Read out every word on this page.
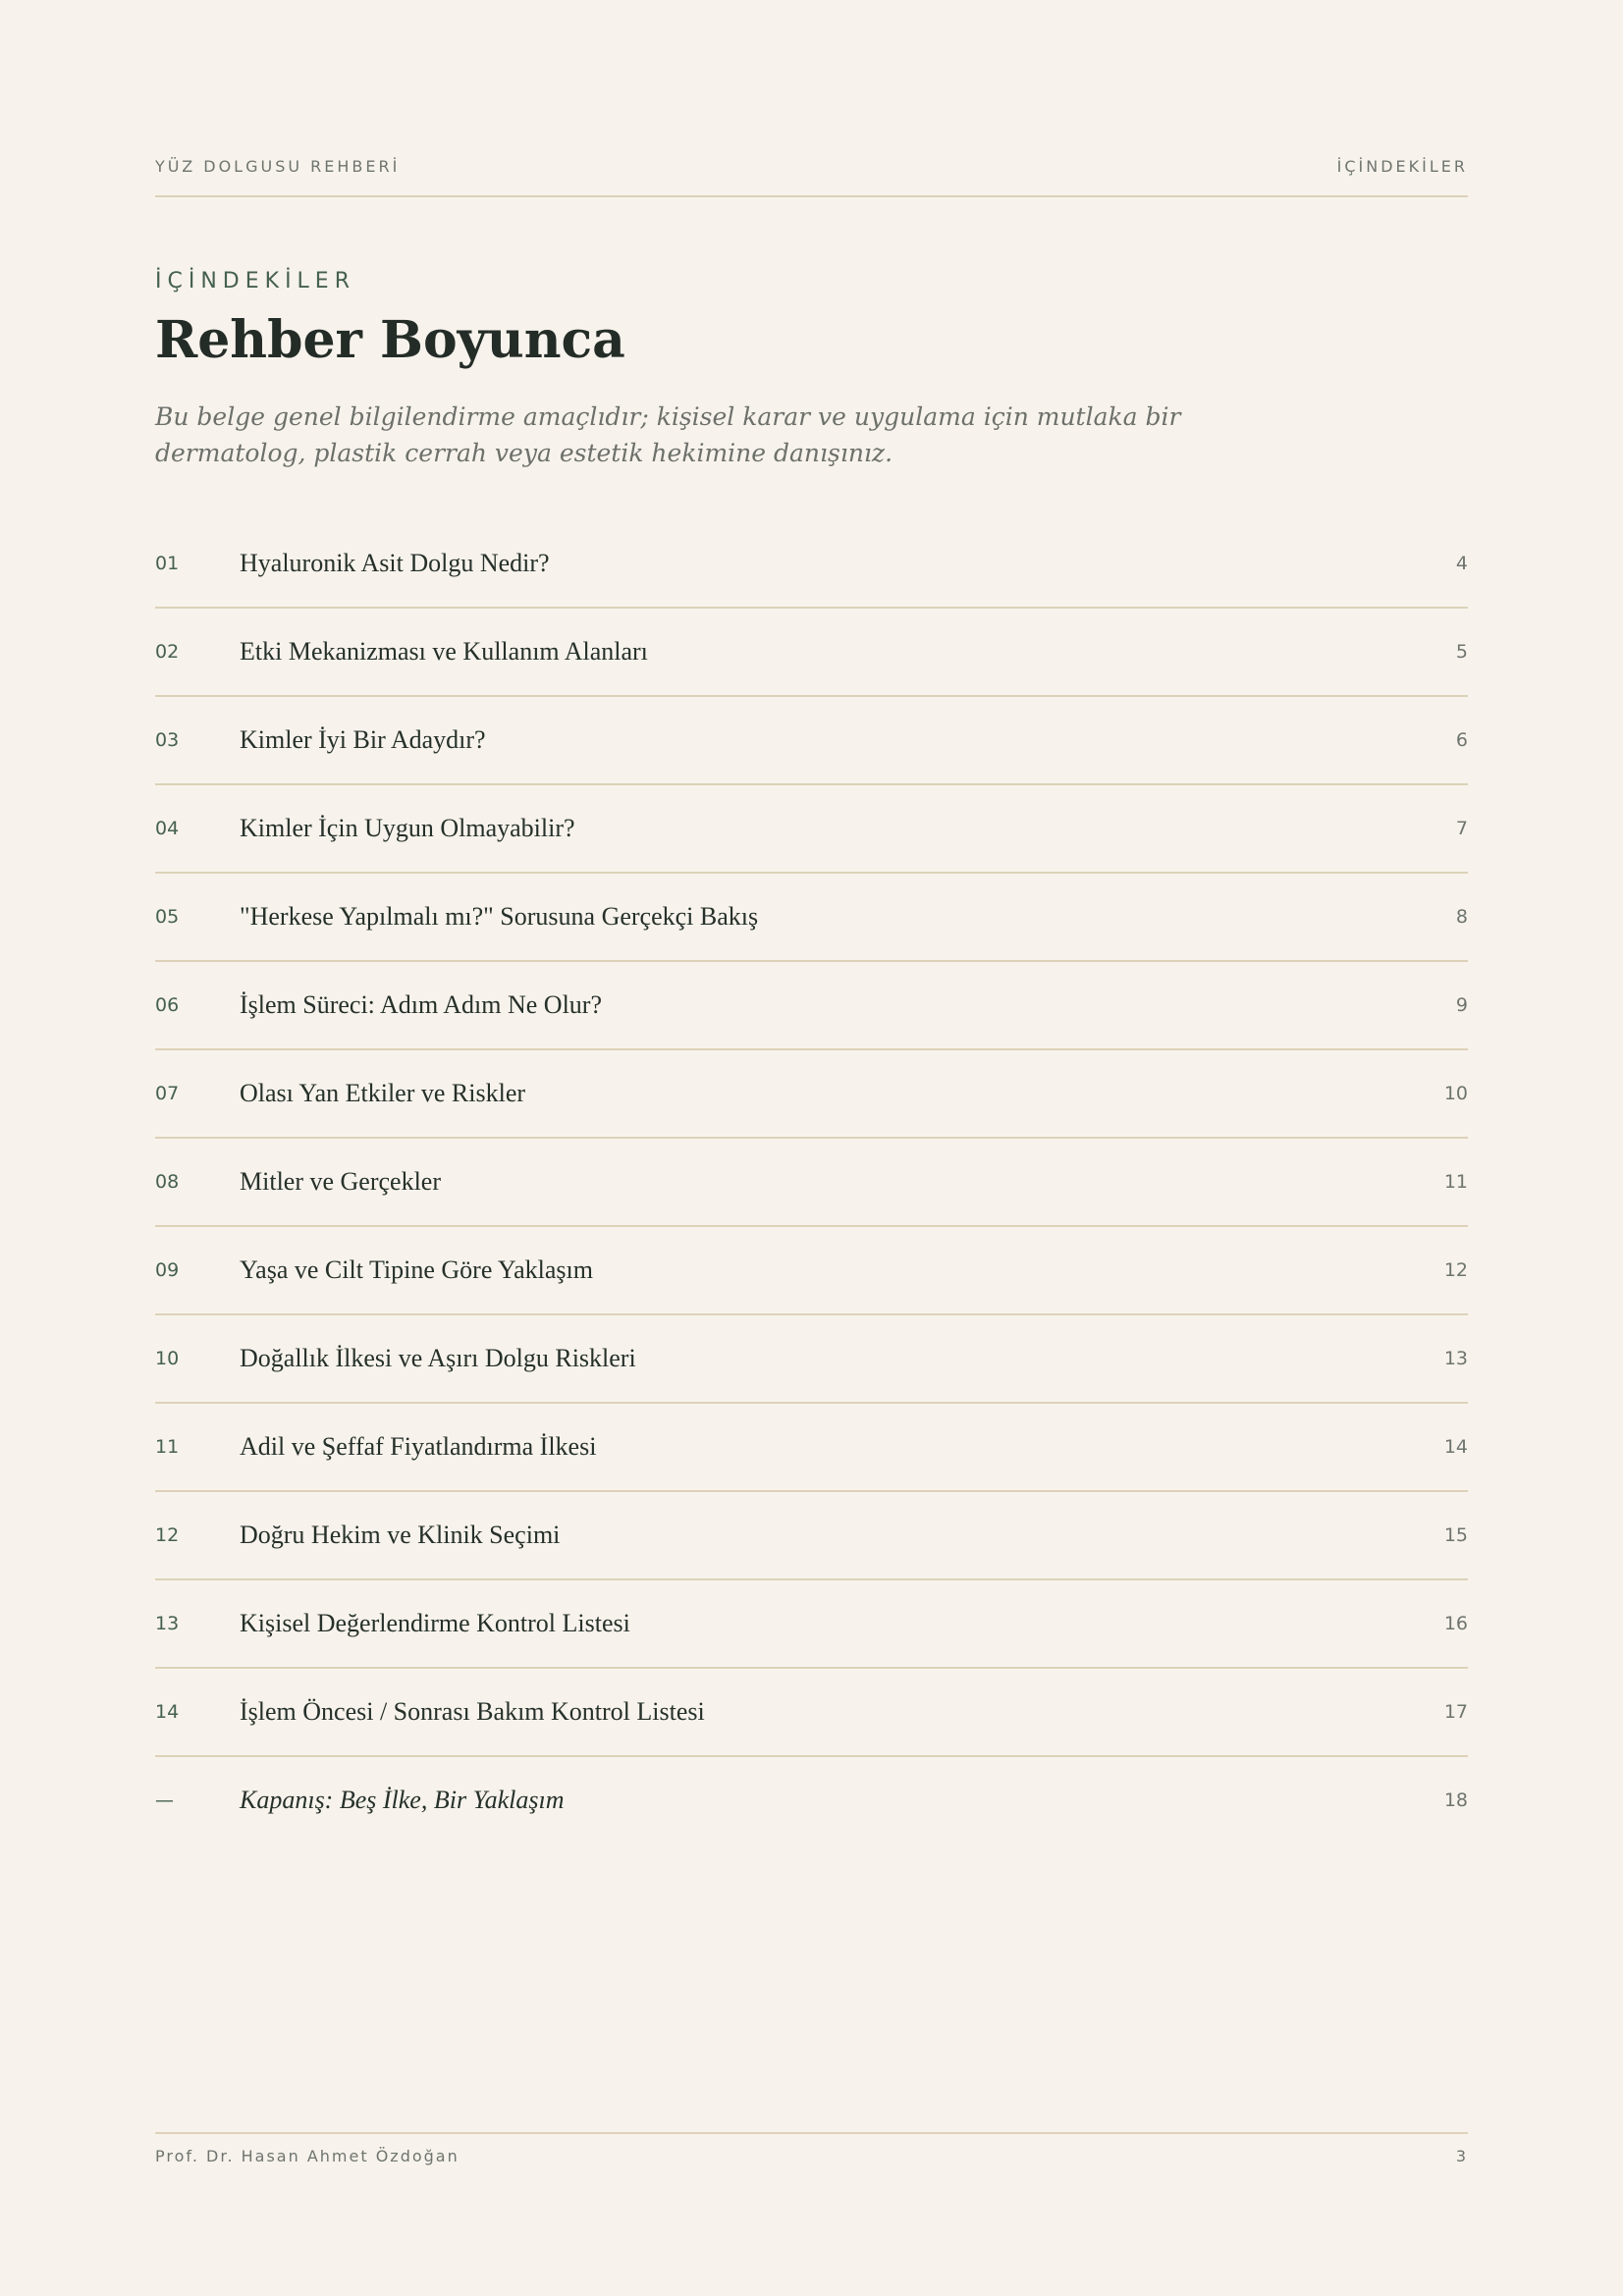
YÜZ DOLGUSU REHBERİ	İÇİNDEKİLER
İÇİNDEKİLER
Rehber Boyunca

Bu belge genel bilgilendirme amaçlıdır; kişisel karar ve uygulama için mutlaka bir dermatolog, plastik cerrah veya estetik hekimine danışınız.

01	Hyaluronik Asit Dolgu Nedir?	4
02	Etki Mekanizması ve Kullanım Alanları	5
03	Kimler İyi Bir Adaydır?	6
04	Kimler İçin Uygun Olmayabilir?	7
05	"Herkese Yapılmalı mı?" Sorusuna Gerçekçi Bakış	8
06	İşlem Süreci: Adım Adım Ne Olur?	9
07	Olası Yan Etkiler ve Riskler	10
08	Mitler ve Gerçekler	11
09	Yaşa ve Cilt Tipine Göre Yaklaşım	12
10	Doğallık İlkesi ve Aşırı Dolgu Riskleri	13
11	Adil ve Şeffaf Fiyatlandırma İlkesi	14
12	Doğru Hekim ve Klinik Seçimi	15
13	Kişisel Değerlendirme Kontrol Listesi	16
14	İşlem Öncesi / Sonrası Bakım Kontrol Listesi	17
—	Kapanış: Beş İlke, Bir Yaklaşım	18
Prof. Dr. Hasan Ahmet Özdoğan	3
